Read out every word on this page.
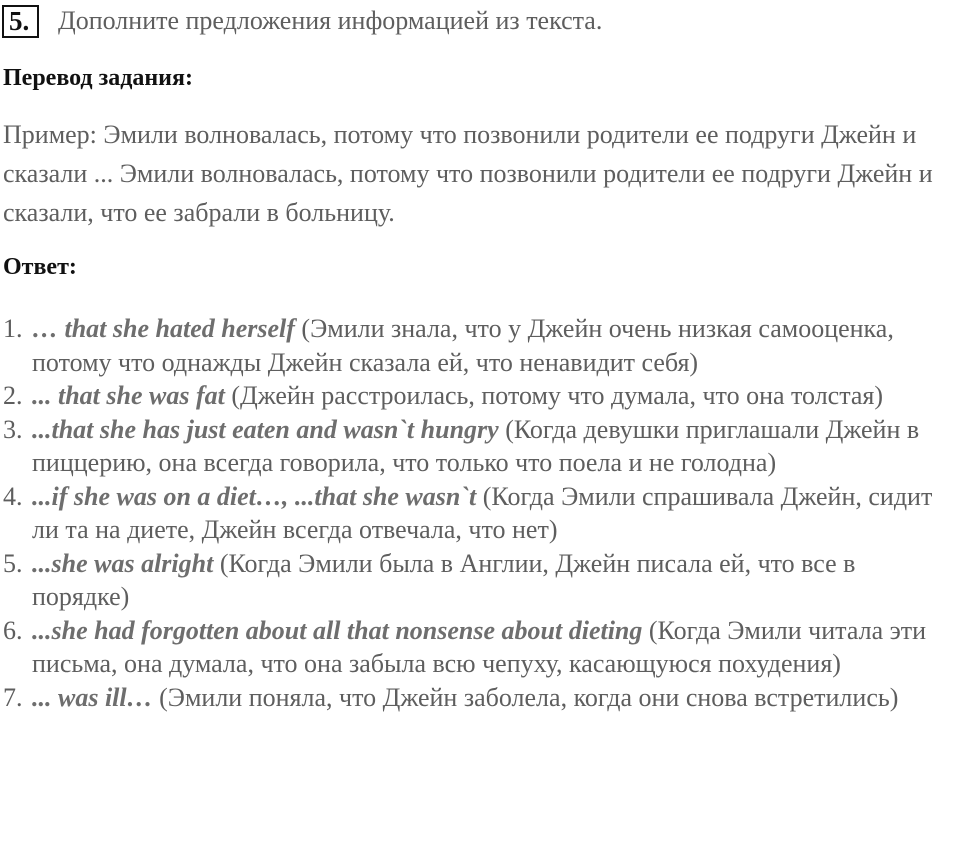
5.	Дополните предложения информацией из текста.
Перевод задания:

Пример: Эмили волновалась, потому что позвонили родители ее подруги Джейн и сказали ... Эмили волновалась, потому что позвонили родители ее подруги Джейн и сказали, что ее забрали в больницу.

Ответ:
1. … that she hated herself (Эмили знала, что у Джейн очень низкая самооценка, потому что однажды Джейн сказала ей, что ненавидит себя)
2. ... that she was fat (Джейн расстроилась, потому что думала, что она толстая)
3. ...that she has just eaten and wasn`t hungry (Когда девушки приглашали Джейн в пиццерию, она всегда говорила, что только что поела и не голодна)
4. ...if she was on a diet…, ...that she wasn`t (Когда Эмили спрашивала Джейн, сидит ли та на диете, Джейн всегда отвечала, что нет)
5. ...she was alright (Когда Эмили была в Англии, Джейн писала ей, что все в порядке)
6. ...she had forgotten about all that nonsense about dieting (Когда Эмили читала эти письма, она думала, что она забыла всю чепуху, касающуюся похудения)
7. ... was ill… (Эмили поняла, что Джейн заболела, когда они снова встретились)
